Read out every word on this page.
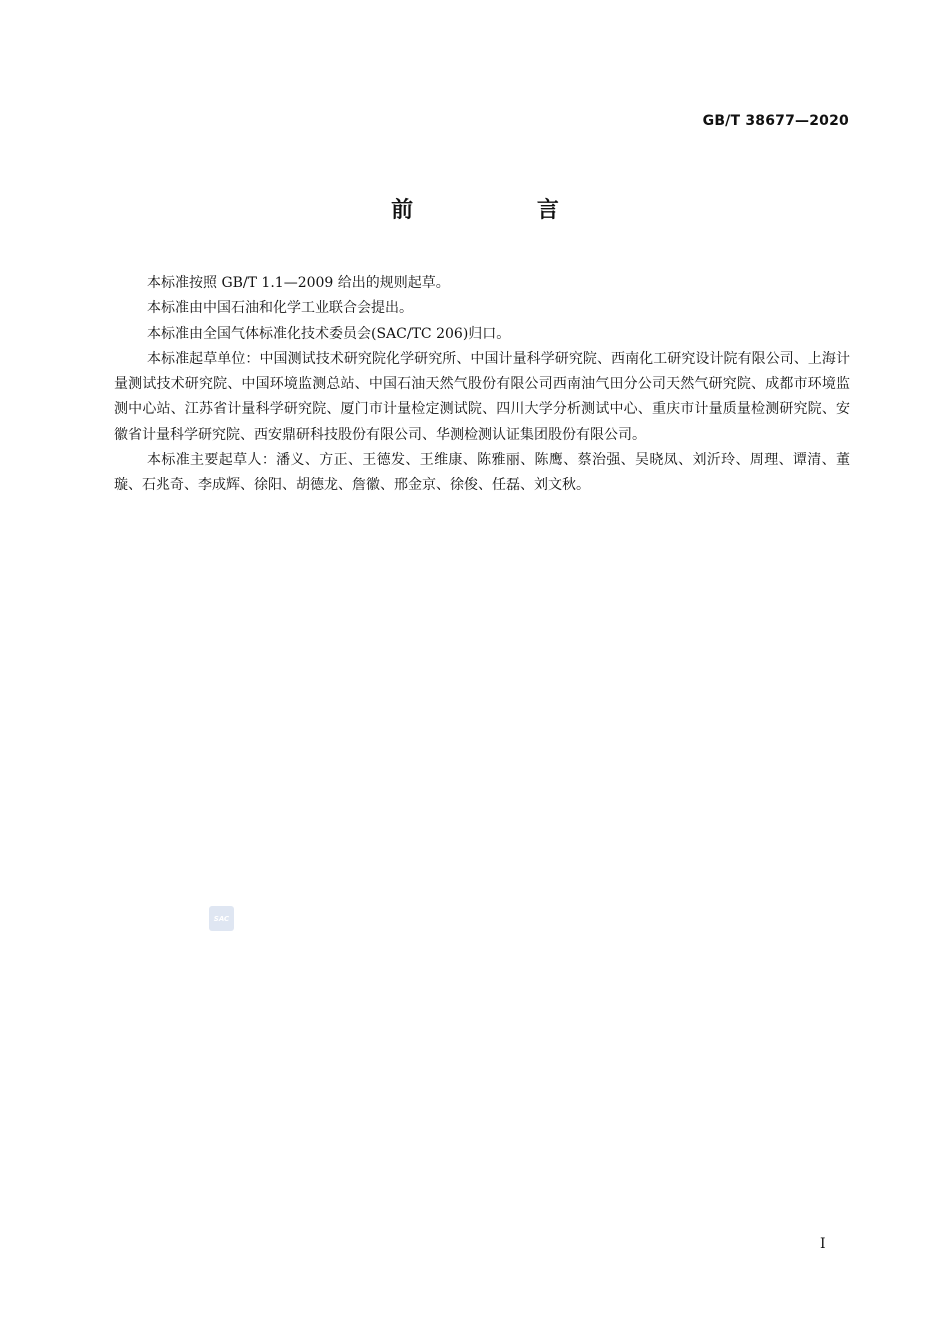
GB/T 38677—2020
前 言

本标准按照 GB/T 1.1—2009 给出的规则起草。

本标准由中国石油和化学工业联合会提出。

本标准由全国气体标准化技术委员会(SAC/TC 206)归口。

本标准起草单位：中国测试技术研究院化学研究所、中国计量科学研究院、西南化工研究设计院有限公司、上海计量测试技术研究院、中国环境监测总站、中国石油天然气股份有限公司西南油气田分公司天然气研究院、成都市环境监测中心站、江苏省计量科学研究院、厦门市计量检定测试院、四川大学分析测试中心、重庆市计量质量检测研究院、安徽省计量科学研究院、西安鼎研科技股份有限公司、华测检测认证集团股份有限公司。

本标准主要起草人：潘义、方正、王德发、王维康、陈雅丽、陈鹰、蔡治强、吴晓凤、刘沂玲、周理、谭清、董璇、石兆奇、李成辉、徐阳、胡德龙、詹徽、邢金京、徐俊、任磊、刘文秋。

SAC
I
